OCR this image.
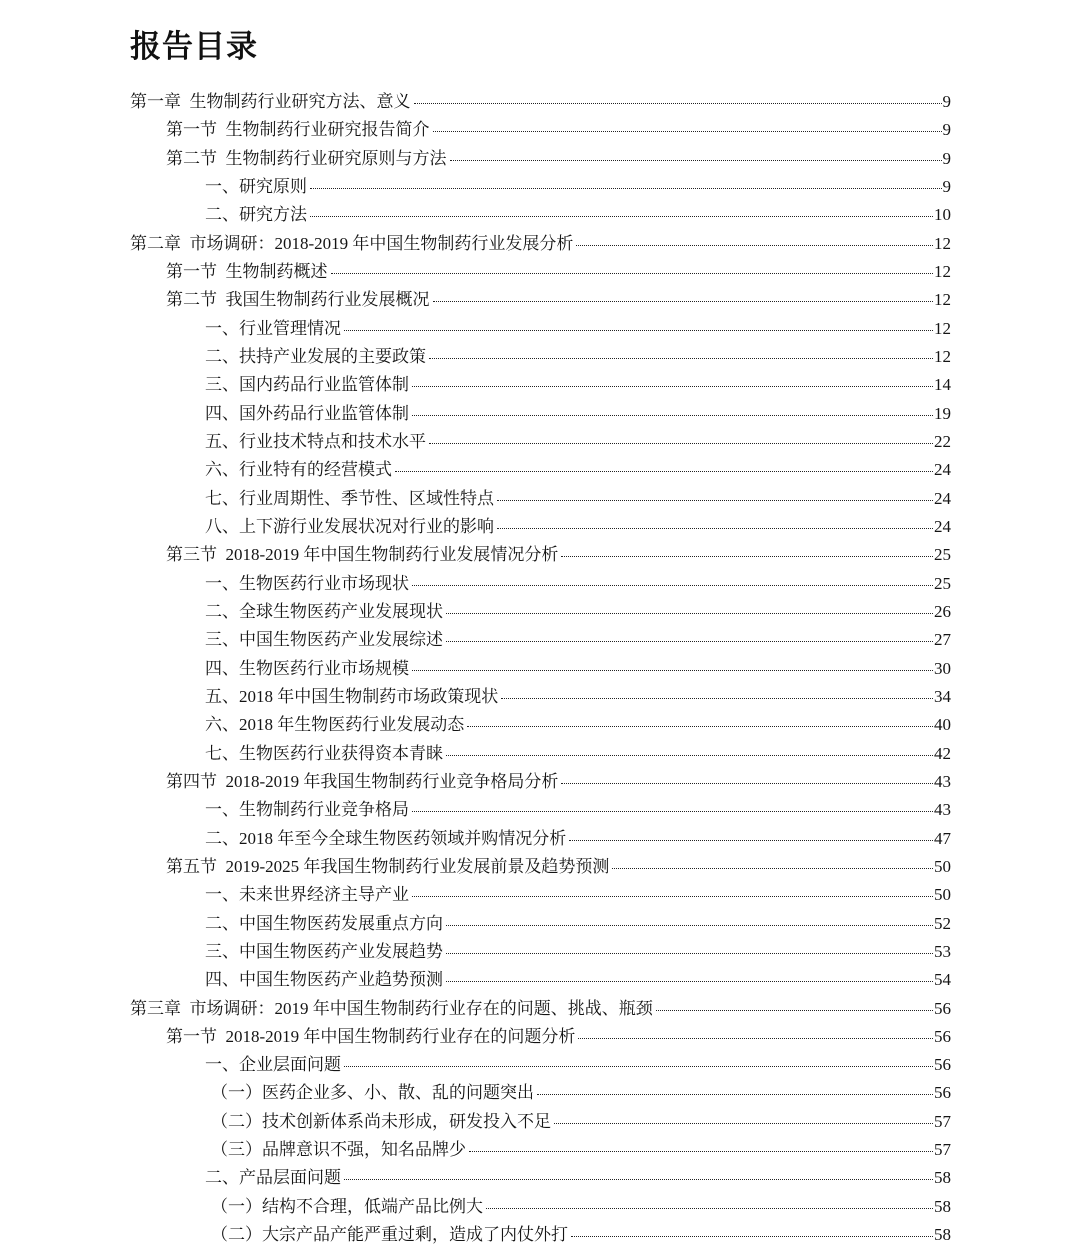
报告目录
第一章  生物制药行业研究方法、意义	9
第一节  生物制药行业研究报告简介	9
第二节  生物制药行业研究原则与方法	9
一、研究原则	9
二、研究方法	10
第二章  市场调研：2018-2019 年中国生物制药行业发展分析	12
第一节  生物制药概述	12
第二节  我国生物制药行业发展概况	12
一、行业管理情况	12
二、扶持产业发展的主要政策	12
三、国内药品行业监管体制	14
四、国外药品行业监管体制	19
五、行业技术特点和技术水平	22
六、行业特有的经营模式	24
七、行业周期性、季节性、区域性特点	24
八、上下游行业发展状况对行业的影响	24
第三节  2018-2019 年中国生物制药行业发展情况分析	25
一、生物医药行业市场现状	25
二、全球生物医药产业发展现状	26
三、中国生物医药产业发展综述	27
四、生物医药行业市场规模	30
五、2018 年中国生物制药市场政策现状	34
六、2018 年生物医药行业发展动态	40
七、生物医药行业获得资本青睐	42
第四节  2018-2019 年我国生物制药行业竞争格局分析	43
一、生物制药行业竞争格局	43
二、2018 年至今全球生物医药领域并购情况分析	47
第五节  2019-2025 年我国生物制药行业发展前景及趋势预测	50
一、未来世界经济主导产业	50
二、中国生物医药发展重点方向	52
三、中国生物医药产业发展趋势	53
四、中国生物医药产业趋势预测	54
第三章  市场调研：2019 年中国生物制药行业存在的问题、挑战、瓶颈	56
第一节  2018-2019 年中国生物制药行业存在的问题分析	56
一、企业层面问题	56
（一）医药企业多、小、散、乱的问题突出	56
（二）技术创新体系尚未形成，研发投入不足	57
（三）品牌意识不强，知名品牌少	57
二、产品层面问题	58
（一）结构不合理，低端产品比例大	58
（二）大宗产品产能严重过剩，造成了内仗外打	58
